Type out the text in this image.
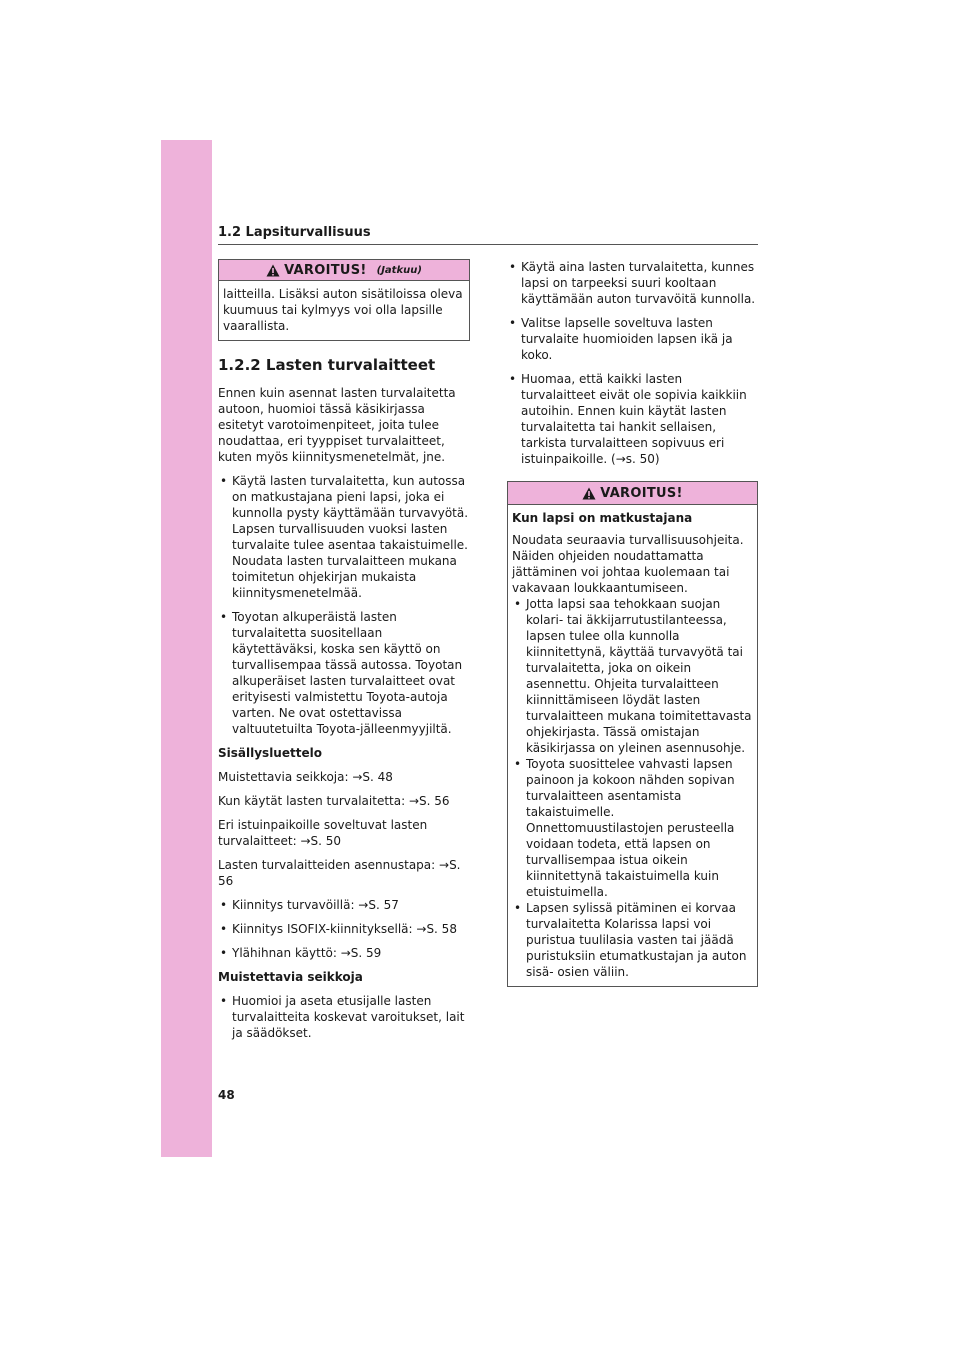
1.2 Lapsiturvallisuus
VAROITUS! (Jatkuu)

laitteilla. Lisäksi auton sisätiloissa oleva kuumuus tai kylmyys voi olla lapsille vaarallista.

1.2.2 Lasten turvalaitteet

Ennen kuin asennat lasten turvalaitetta autoon, huomioi tässä käsikirjassa esitetyt varotoimenpiteet, joita tulee noudattaa, eri tyyppiset turvalaitteet, kuten myös kiinnitysmenetelmät, jne.

• Käytä lasten turvalaitetta, kun autossa on matkustajana pieni lapsi, joka ei kunnolla pysty käyttämään turvavyötä. Lapsen turvallisuuden vuoksi lasten turvalaite tulee asentaa takaistuimelle. Noudata lasten turvalaitteen mukana toimitetun ohjekirjan mukaista kiinnitysmenetelmää.

• Toyotan alkuperäistä lasten turvalaitetta suositellaan käytettäväksi, koska sen käyttö on turvallisempaa tässä autossa. Toyotan alkuperäiset lasten turvalaitteet ovat erityisesti valmistettu Toyota-autoja varten. Ne ovat ostettavissa valtuutetuilta Toyota-jälleenmyyjiltä.

Sisällysluettelo

Muistettavia seikkoja: →S. 48

Kun käytät lasten turvalaitetta: →S. 56

Eri istuinpaikoille soveltuvat lasten turvalaitteet: →S. 50

Lasten turvalaitteiden asennustapa: →S. 56

• Kiinnitys turvavöillä: →S. 57

• Kiinnitys ISOFIX-kiinnityksellä: →S. 58

• Ylähihnan käyttö: →S. 59

Muistettavia seikkoja

• Huomioi ja aseta etusijalle lasten turvalaitteita koskevat varoitukset, lait ja säädökset.

• Käytä aina lasten turvalaitetta, kunnes lapsi on tarpeeksi suuri kooltaan käyttämään auton turvavöitä kunnolla.

• Valitse lapselle soveltuva lasten turvalaite huomioiden lapsen ikä ja koko.

• Huomaa, että kaikki lasten turvalaitteet eivät ole sopivia kaikkiin autoihin. Ennen kuin käytät lasten turvalaitetta tai hankit sellaisen, tarkista turvalaitteen sopivuus eri istuinpaikoille. (→s. 50)

VAROITUS!

Kun lapsi on matkustajana

Noudata seuraavia turvallisuusohjeita. Näiden ohjeiden noudattamatta jättäminen voi johtaa kuolemaan tai vakavaan loukkaantumiseen.

• Jotta lapsi saa tehokkaan suojan kolari- tai äkkijarrutustilanteessa, lapsen tulee olla kunnolla kiinnitettynä, käyttää turvavyötä tai turvalaitetta, joka on oikein asennettu. Ohjeita turvalaitteen kiinnittämiseen löydät lasten turvalaitteen mukana toimitettavasta ohjekirjasta. Tässä omistajan käsikirjassa on yleinen asennusohje.

• Toyota suosittelee vahvasti lapsen painoon ja kokoon nähden sopivan turvalaitteen asentamista takaistuimelle. Onnettomuustilastojen perusteella voidaan todeta, että lapsen on turvallisempaa istua oikein kiinnitettynä takaistuimella kuin etuistuimella.

• Lapsen sylissä pitäminen ei korvaa turvalaitetta Kolarissa lapsi voi puristua tuulilasia vasten tai jäädä puristuksiin etumatkustajan ja auton sisä- osien väliin.

48
